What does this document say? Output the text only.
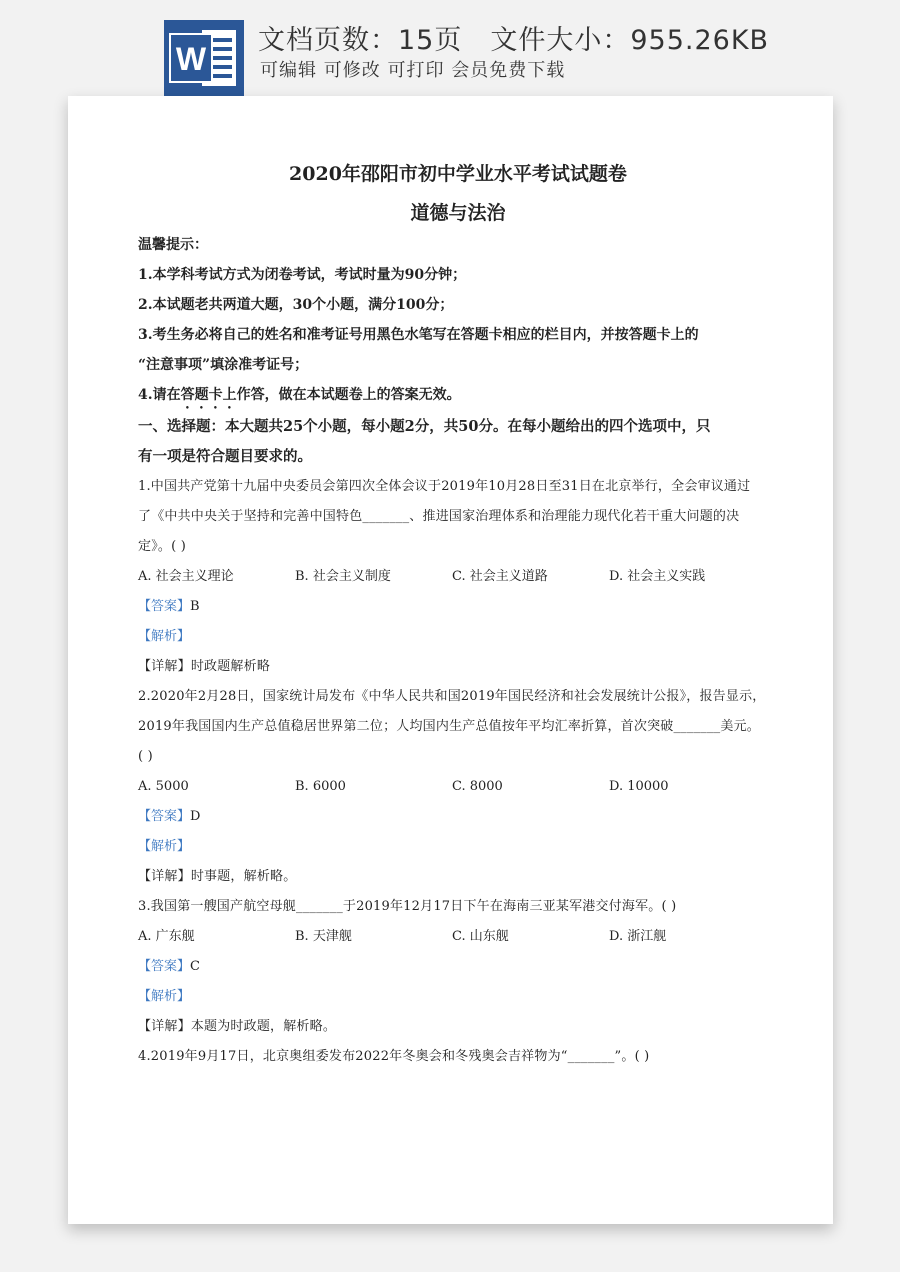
W
文档页数：15页 文件大小：955.26KB
可编辑 可修改 可打印 会员免费下载
2020年邵阳市初中学业水平考试试题卷
道德与法治
温馨提示：
1.本学科考试方式为闭卷考试，考试时量为90分钟；
2.本试题老共两道大题，30个小题，满分100分；
3.考生务必将自己的姓名和准考证号用黑色水笔写在答题卡相应的栏目内，并按答题卡上的
“注意事项”填涂准考证号；
4.请在答题卡上作答，做在本试题卷上的答案无效。
一、选择题：本大题共25个小题，每小题2分，共50分。在每小题给出的四个选项中，只
有一项是符合题目要求的。
1.中国共产党第十九届中央委员会第四次全体会议于2019年10月28日至31日在北京举行，全会审议通过
了《中共中央关于坚持和完善中国特色_______、推进国家治理体系和治理能力现代化若干重大问题的决
定》。( )
A. 社会主义理论	B. 社会主义制度	C. 社会主义道路	D. 社会主义实践
【答案】B
【解析】
【详解】时政题解析略
2.2020年2月28日，国家统计局发布《中华人民共和国2019年国民经济和社会发展统计公报》，报告显示，
2019年我国国内生产总值稳居世界第二位；人均国内生产总值按年平均汇率折算，首次突破_______美元。
( )
A. 5000	B. 6000	C. 8000	D. 10000
【答案】D
【解析】
【详解】时事题，解析略。
3.我国第一艘国产航空母舰_______于2019年12月17日下午在海南三亚某军港交付海军。( )
A. 广东舰	B. 天津舰	C. 山东舰	D. 浙江舰
【答案】C
【解析】
【详解】本题为时政题，解析略。
4.2019年9月17日，北京奥组委发布2022年冬奥会和冬残奥会吉祥物为“_______”。( )
